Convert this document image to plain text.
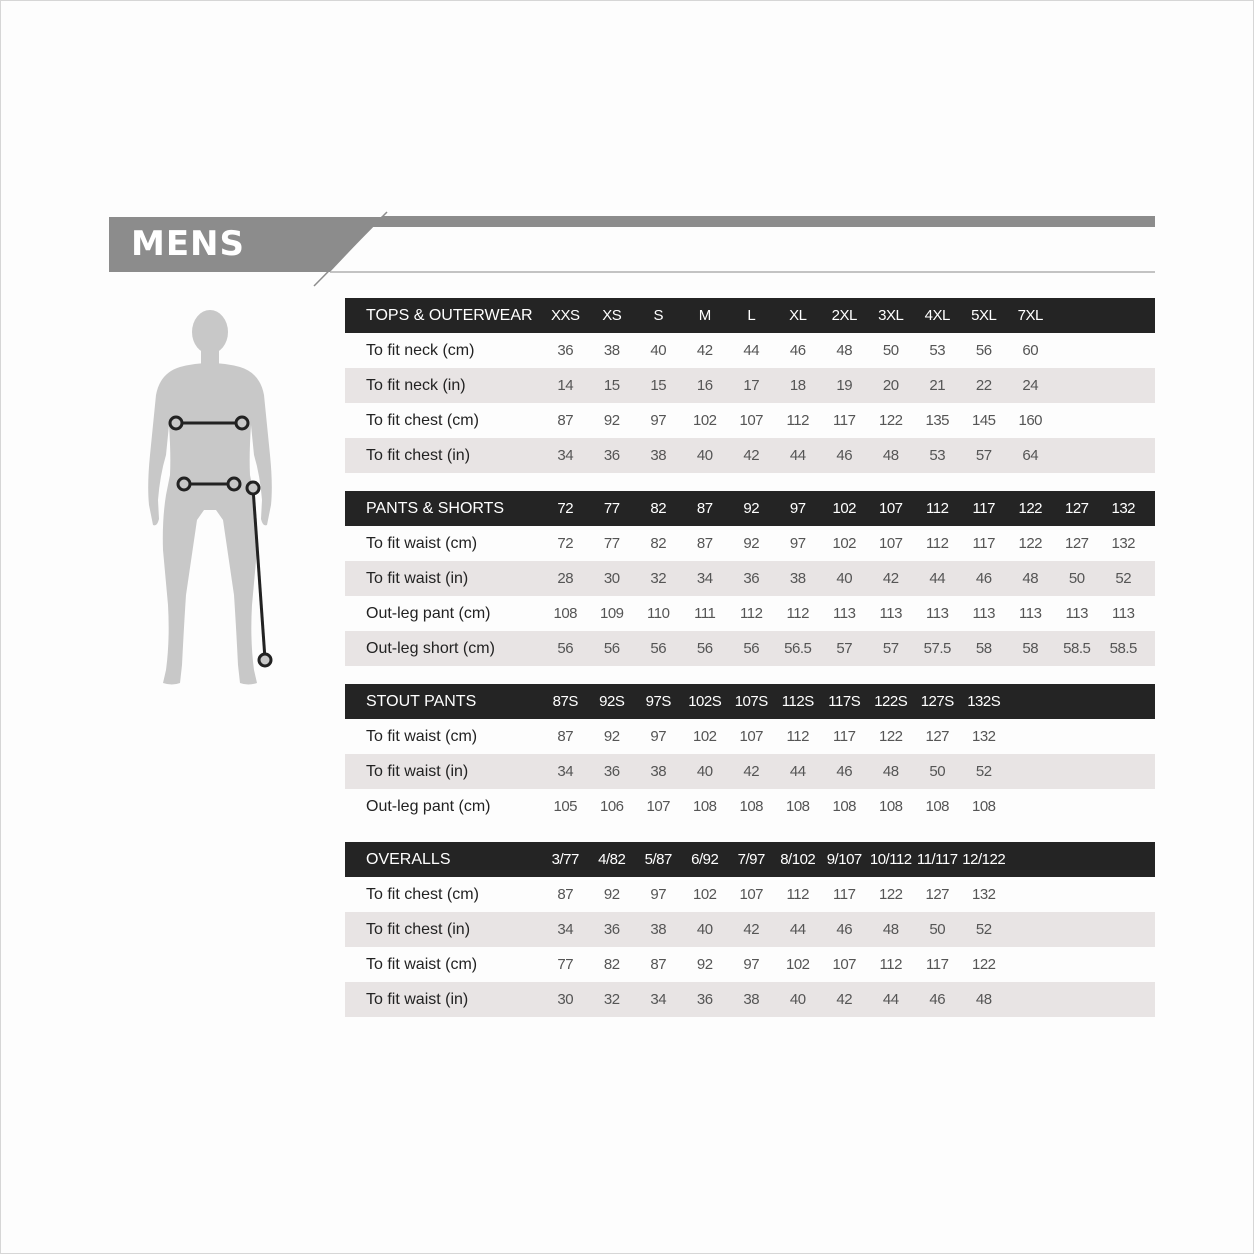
MENS
TOPS & OUTERWEAR	XXS	XS	S	M	L	XL	2XL	3XL	4XL	5XL	7XL
To fit neck (cm)	36	38	40	42	44	46	48	50	53	56	60
To fit neck (in)	14	15	15	16	17	18	19	20	21	22	24
To fit chest (cm)	87	92	97	102	107	112	117	122	135	145	160
To fit chest (in)	34	36	38	40	42	44	46	48	53	57	64
PANTS & SHORTS	72	77	82	87	92	97	102	107	112	117	122	127	132
To fit waist (cm)	72	77	82	87	92	97	102	107	112	117	122	127	132
To fit waist (in)	28	30	32	34	36	38	40	42	44	46	48	50	52
Out-leg pant (cm)	108	109	110	111	112	112	113	113	113	113	113	113	113
Out-leg short (cm)	56	56	56	56	56	56.5	57	57	57.5	58	58	58.5	58.5
STOUT PANTS	87S	92S	97S	102S 107S 112S 117S 122S 127S 132S
To fit waist (cm)	87	92	97	102	107	112	117	122	127	132
To fit waist (in)	34	36	38	40	42	44	46	48	50	52
Out-leg pant (cm)	105	106	107	108	108	108	108	108	108	108
OVERALLS	3/77	4/82	5/87	6/92	7/97	8/102 9/107 10/112 11/117 12/122
To fit chest (cm)	87	92	97	102	107	112	117	122	127	132
To fit chest (in)	34	36	38	40	42	44	46	48	50	52
To fit waist (cm)	77	82	87	92	97	102	107	112	117	122
To fit waist (in)	30	32	34	36	38	40	42	44	46	48
